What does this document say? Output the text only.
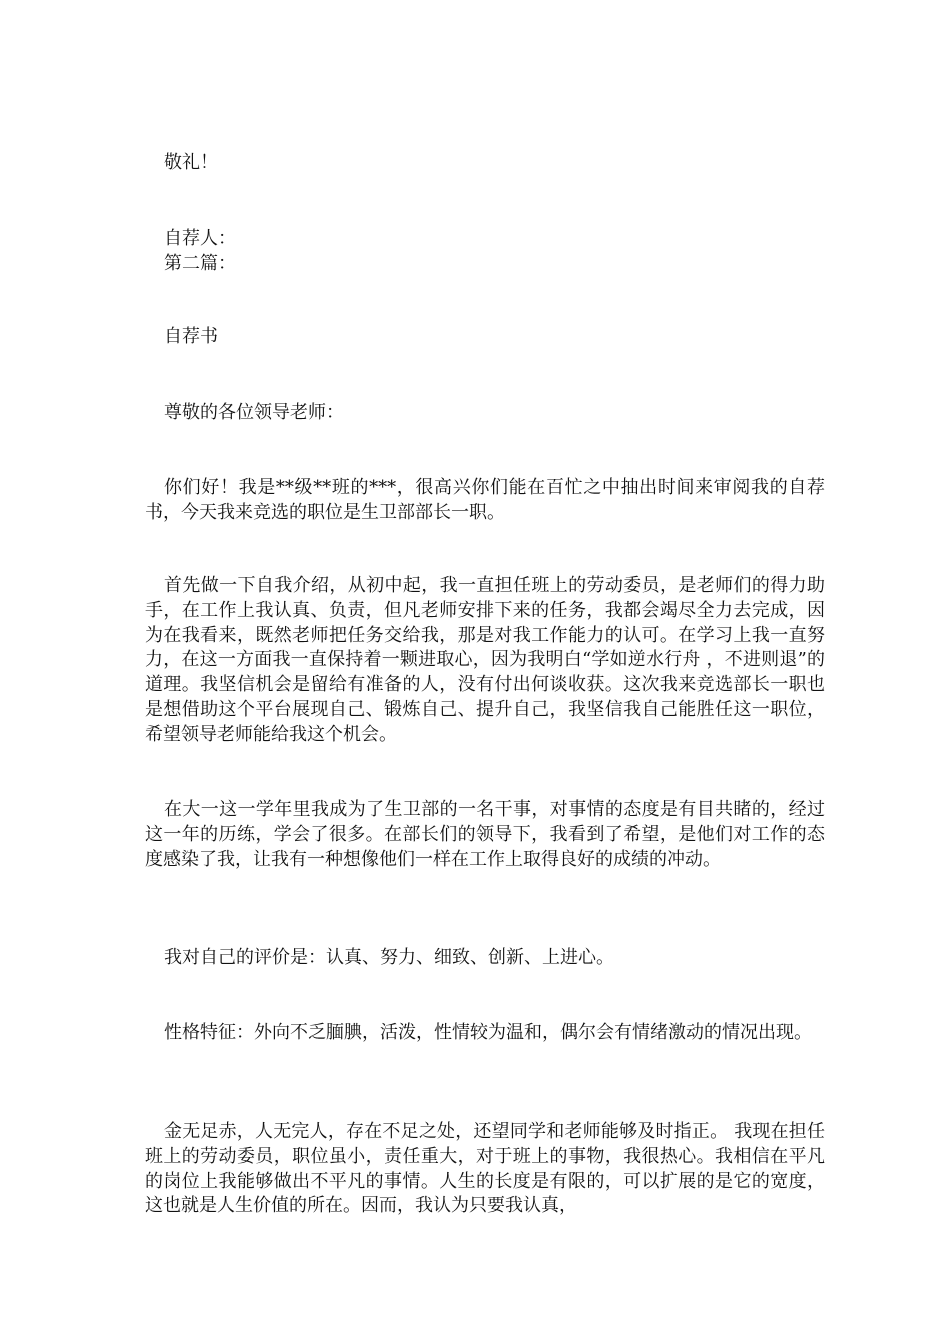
敬礼！
自荐人：
第二篇：
自荐书
尊敬的各位领导老师：
你们好！我是**级**班的***，很高兴你们能在百忙之中抽出时间来审阅我的自荐书，今天我来竞选的职位是生卫部部长一职。
首先做一下自我介绍，从初中起，我一直担任班上的劳动委员，是老师们的得力助手，在工作上我认真、负责，但凡老师安排下来的任务，我都会竭尽全力去完成，因为在我看来，既然老师把任务交给我，那是对我工作能力的认可。在学习上我一直努力，在这一方面我一直保持着一颗进取心，因为我明白“学如逆水行舟 ，不进则退”的道理。我坚信机会是留给有准备的人，没有付出何谈收获。这次我来竞选部长一职也是想借助这个平台展现自己、锻炼自己、提升自己，我坚信我自己能胜任这一职位，希望领导老师能给我这个机会。
在大一这一学年里我成为了生卫部的一名干事，对事情的态度是有目共睹的，经过这一年的历练，学会了很多。在部长们的领导下，我看到了希望，是他们对工作的态度感染了我，让我有一种想像他们一样在工作上取得良好的成绩的冲动。
我对自己的评价是：认真、努力、细致、创新、上进心。
性格特征：外向不乏腼腆，活泼，性情较为温和，偶尔会有情绪激动的情况出现。
金无足赤，人无完人，存在不足之处，还望同学和老师能够及时指正。 我现在担任班上的劳动委员，职位虽小，责任重大，对于班上的事物，我很热心。我相信在平凡的岗位上我能够做出不平凡的事情。人生的长度是有限的，可以扩展的是它的宽度，这也就是人生价值的所在。因而，我认为只要我认真，
